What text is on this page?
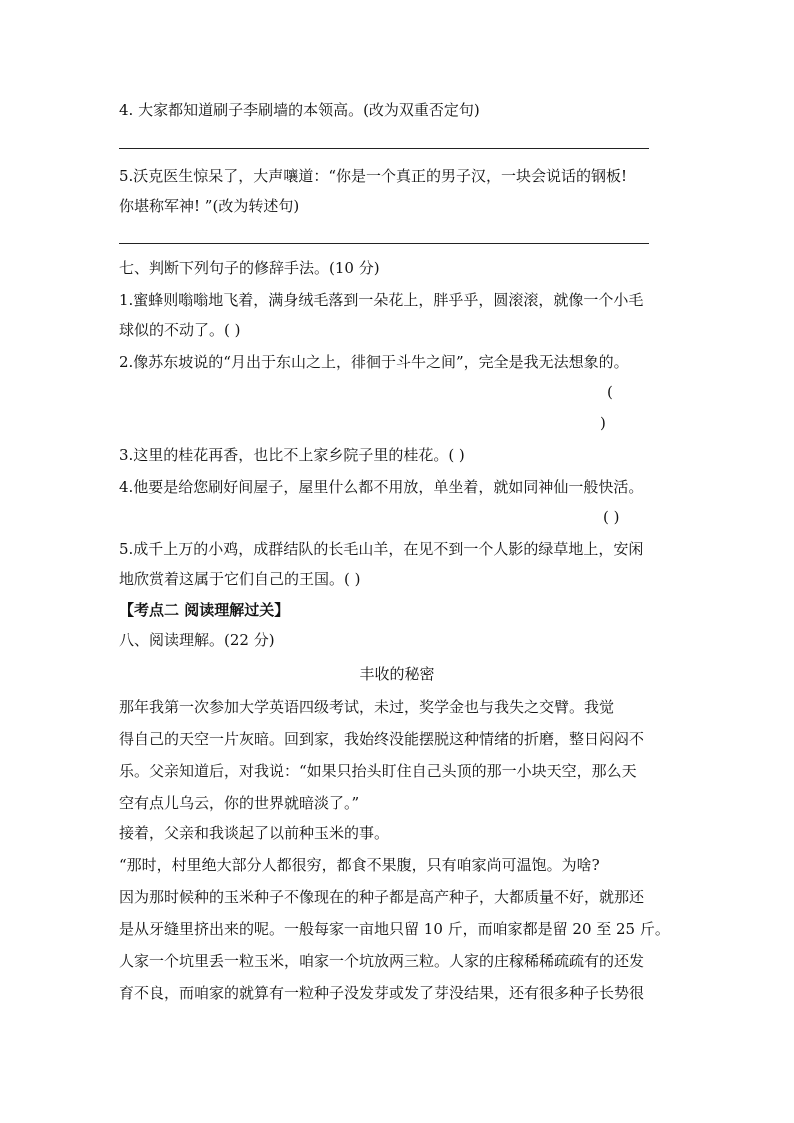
4. 大家都知道刷子李刷墙的本领高。(改为双重否定句)
5.沃克医生惊呆了，大声嚷道：“你是一个真正的男子汉，一块会说话的钢板!
你堪称军神! ”(改为转述句)
七、判断下列句子的修辞手法。(10 分)
1.蜜蜂则嗡嗡地飞着，满身绒毛落到一朵花上，胖乎乎，圆滚滚，就像一个小毛
球似的不动了。( )
2.像苏东坡说的“月出于东山之上，徘徊于斗牛之间”，完全是我无法想象的。
(
)
3.这里的桂花再香，也比不上家乡院子里的桂花。( )
4.他要是给您刷好间屋子，屋里什么都不用放，单坐着，就如同神仙一般快活。
( )
5.成千上万的小鸡，成群结队的长毛山羊，在见不到一个人影的绿草地上，安闲
地欣赏着这属于它们自己的王国。( )
【考点二 阅读理解过关】
八、阅读理解。(22 分)
丰收的秘密
那年我第一次参加大学英语四级考试，未过，奖学金也与我失之交臂。我觉
得自己的天空一片灰暗。回到家，我始终没能摆脱这种情绪的折磨，整日闷闷不
乐。父亲知道后，对我说：“如果只抬头盯住自己头顶的那一小块天空，那么天
空有点儿乌云，你的世界就暗淡了。”
接着，父亲和我谈起了以前种玉米的事。
“那时，村里绝大部分人都很穷，都食不果腹，只有咱家尚可温饱。为啥?
因为那时候种的玉米种子不像现在的种子都是高产种子，大都质量不好，就那还
是从牙缝里挤出来的呢。一般每家一亩地只留 10 斤，而咱家都是留 20 至 25 斤。
人家一个坑里丢一粒玉米，咱家一个坑放两三粒。人家的庄稼稀稀疏疏有的还发
育不良，而咱家的就算有一粒种子没发芽或发了芽没结果，还有很多种子长势很
